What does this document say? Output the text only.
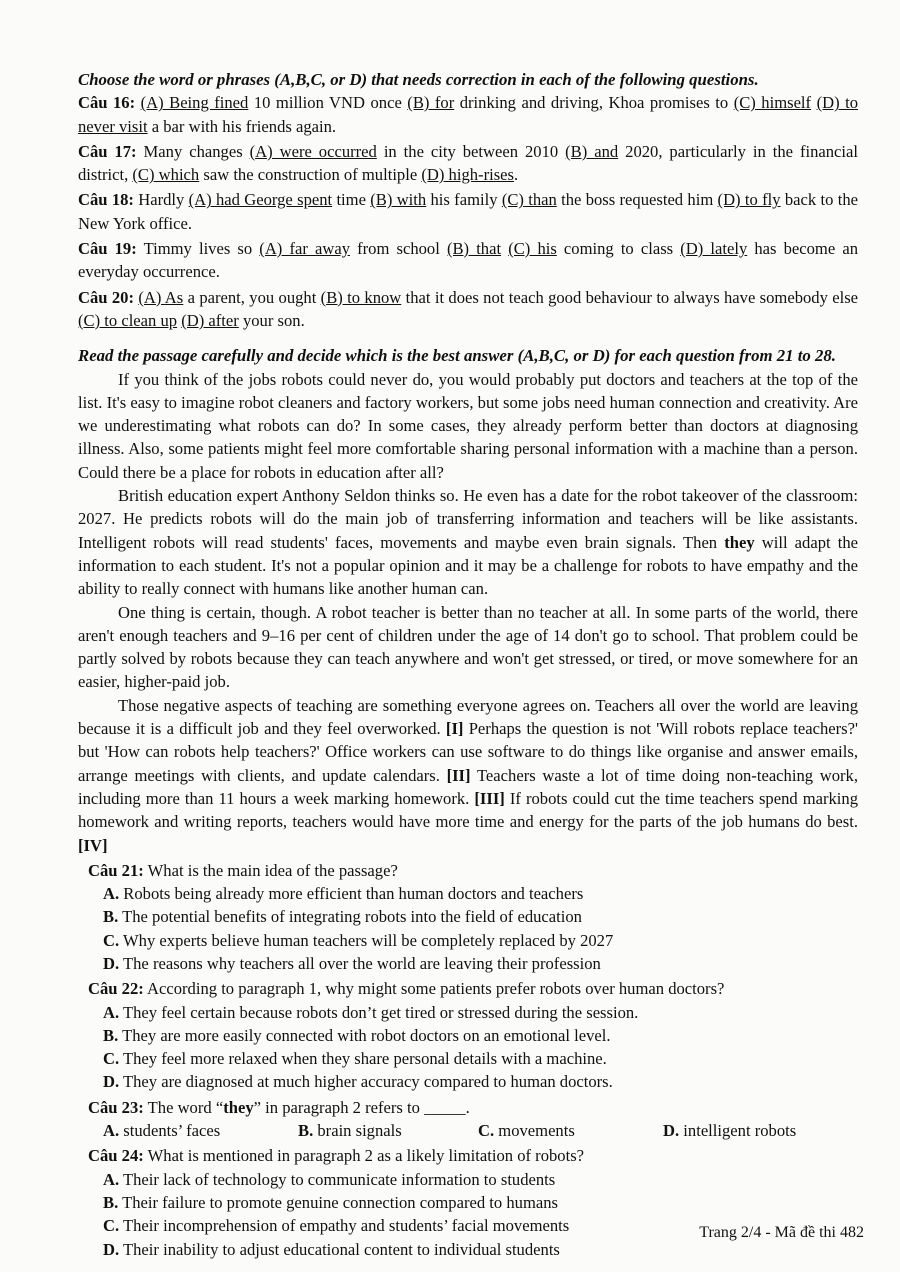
Choose the word or phrases (A,B,C, or D) that needs correction in each of the following questions.
Câu 16: (A) Being fined 10 million VND once (B) for drinking and driving, Khoa promises to (C) himself (D) to never visit a bar with his friends again.
Câu 17: Many changes (A) were occurred in the city between 2010 (B) and 2020, particularly in the financial district, (C) which saw the construction of multiple (D) high-rises.
Câu 18: Hardly (A) had George spent time (B) with his family (C) than the boss requested him (D) to fly back to the New York office.
Câu 19: Timmy lives so (A) far away from school (B) that (C) his coming to class (D) lately has become an everyday occurrence.
Câu 20: (A) As a parent, you ought (B) to know that it does not teach good behaviour to always have somebody else (C) to clean up (D) after your son.
Read the passage carefully and decide which is the best answer (A,B,C, or D) for each question from 21 to 28.

If you think of the jobs robots could never do, you would probably put doctors and teachers at the top of the list. It's easy to imagine robot cleaners and factory workers, but some jobs need human connection and creativity. Are we underestimating what robots can do? In some cases, they already perform better than doctors at diagnosing illness. Also, some patients might feel more comfortable sharing personal information with a machine than a person. Could there be a place for robots in education after all?

British education expert Anthony Seldon thinks so. He even has a date for the robot takeover of the classroom: 2027. He predicts robots will do the main job of transferring information and teachers will be like assistants. Intelligent robots will read students' faces, movements and maybe even brain signals. Then they will adapt the information to each student. It's not a popular opinion and it may be a challenge for robots to have empathy and the ability to really connect with humans like another human can.

One thing is certain, though. A robot teacher is better than no teacher at all. In some parts of the world, there aren't enough teachers and 9–16 per cent of children under the age of 14 don't go to school. That problem could be partly solved by robots because they can teach anywhere and won't get stressed, or tired, or move somewhere for an easier, higher-paid job.

Those negative aspects of teaching are something everyone agrees on. Teachers all over the world are leaving because it is a difficult job and they feel overworked. [I] Perhaps the question is not 'Will robots replace teachers?' but 'How can robots help teachers?' Office workers can use software to do things like organise and answer emails, arrange meetings with clients, and update calendars. [II] Teachers waste a lot of time doing non-teaching work, including more than 11 hours a week marking homework. [III] If robots could cut the time teachers spend marking homework and writing reports, teachers would have more time and energy for the parts of the job humans do best. [IV]

Câu 21: What is the main idea of the passage?
A. Robots being already more efficient than human doctors and teachers
B. The potential benefits of integrating robots into the field of education
C. Why experts believe human teachers will be completely replaced by 2027
D. The reasons why teachers all over the world are leaving their profession
Câu 22: According to paragraph 1, why might some patients prefer robots over human doctors?
A. They feel certain because robots don’t get tired or stressed during the session.
B. They are more easily connected with robot doctors on an emotional level.
C. They feel more relaxed when they share personal details with a machine.
D. They are diagnosed at much higher accuracy compared to human doctors.
Câu 23: The word “they” in paragraph 2 refers to _____.
A. students’ faces	B. brain signals	C. movements	D. intelligent robots
Câu 24: What is mentioned in paragraph 2 as a likely limitation of robots?
A. Their lack of technology to communicate information to students
B. Their failure to promote genuine connection compared to humans
C. Their incomprehension of empathy and students’ facial movements
D. Their inability to adjust educational content to individual students
Trang 2/4 - Mã đề thi 482
